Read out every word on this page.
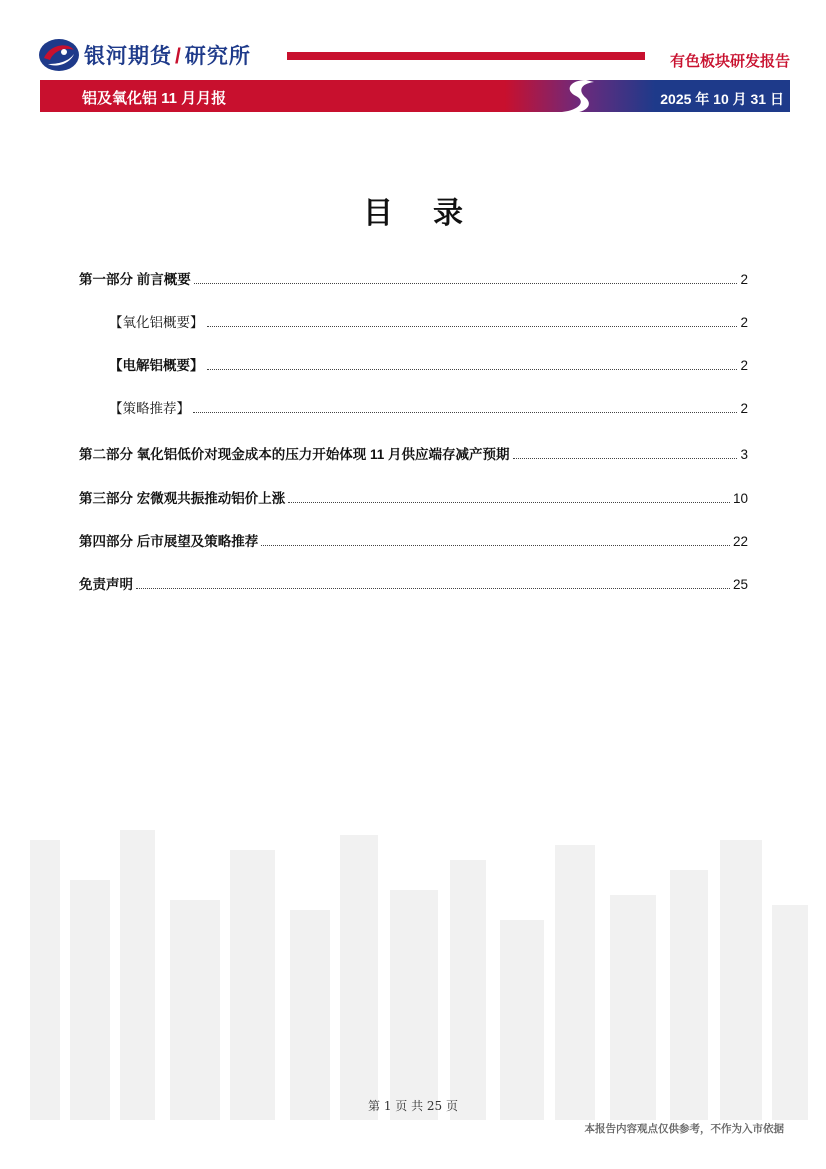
银河期货 / 研究所	有色板块研发报告
铝及氧化铝 11 月月报	2025 年 10 月 31 日
目录
第一部分 前言概要	2
【氧化铝概要】	2
【电解铝概要】	2
【策略推荐】	2
第二部分 氧化铝低价对现金成本的压力开始体现 11 月供应端存减产预期	3
第三部分 宏微观共振推动铝价上涨	10
第四部分 后市展望及策略推荐	22
免责声明	25
第 1 页 共 25 页
本报告内容观点仅供参考，不作为入市依据
